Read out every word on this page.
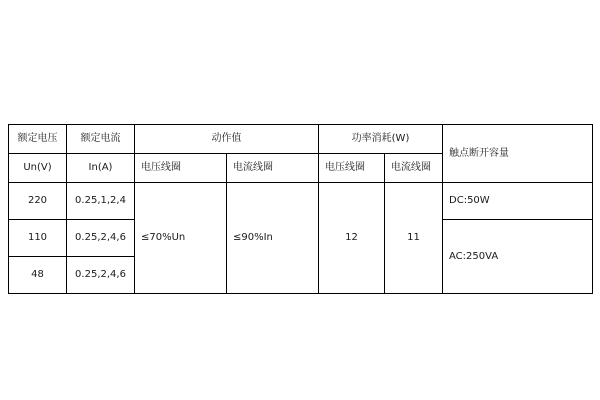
额定电压	额定电流	动作值		功率消耗(W)		触点断开容量
Un(V)	In(A)	电压线圈	电流线圈	电压线圈	电流线圈	
220	0.25,1,2,4	≤70%Un	≤90%In	12	11	DC:50W
110	0.25,2,4,6					AC:250VA
48	0.25,2,4,6					
